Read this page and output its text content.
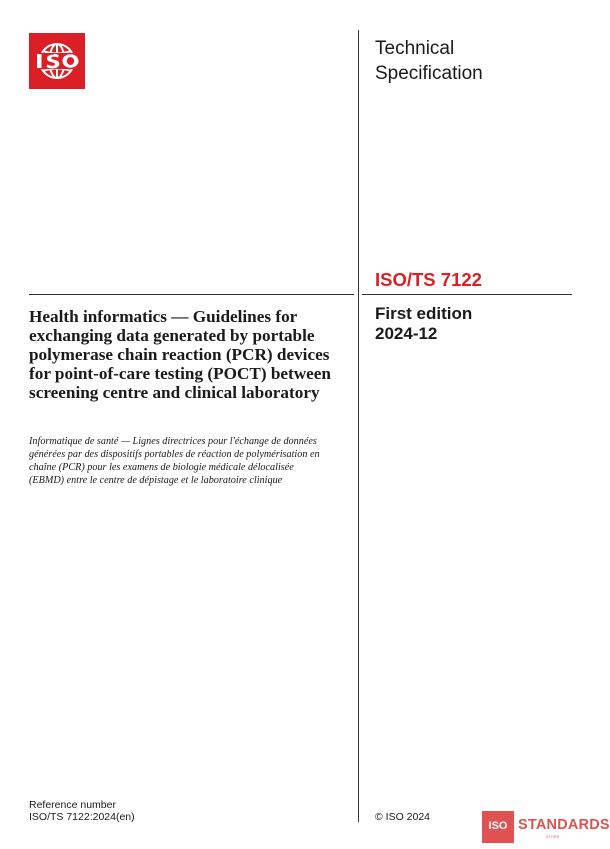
Technical
Specification
ISO/TS 7122
First edition
2024-12
Health informatics — Guidelines for exchanging data generated by portable polymerase chain reaction (PCR) devices for point-of-care testing (POCT) between screening centre and clinical laboratory
Informatique de santé — Lignes directrices pour l'échange de données générées par des dispositifs portables de réaction de polymérisation en chaîne (PCR) pour les examens de biologie médicale délocalisée (EBMD) entre le centre de dépistage et le laboratoire clinique
Reference number
ISO/TS 7122:2024(en)	© ISO 2024
ISO STANDARDS
STORE
